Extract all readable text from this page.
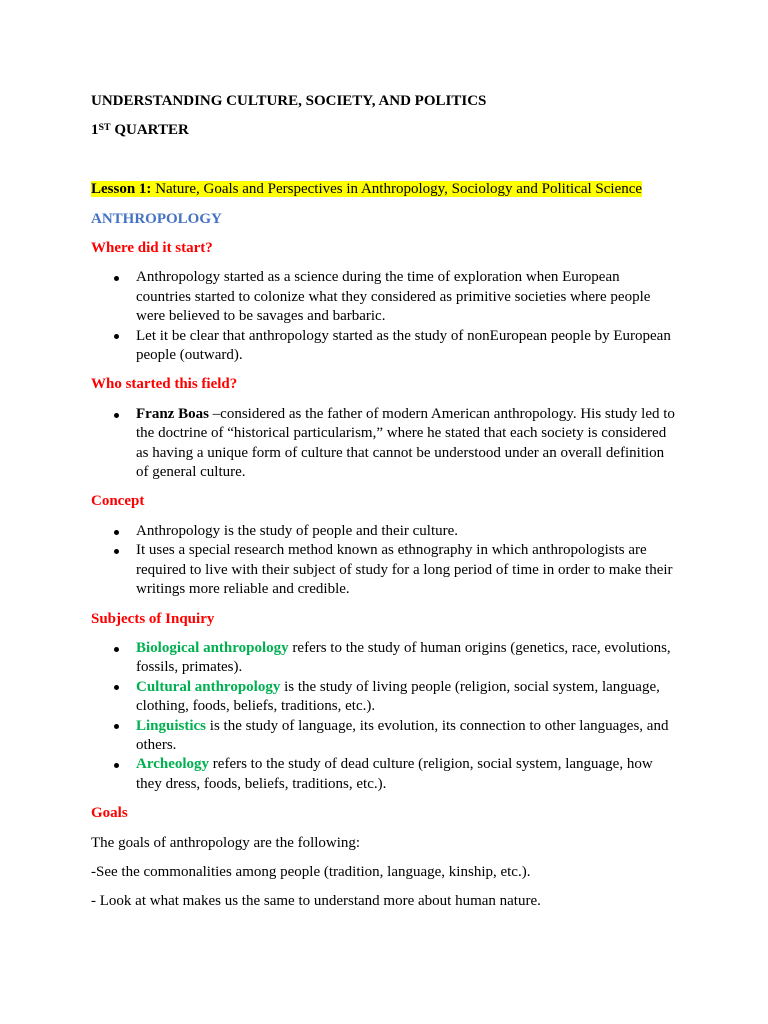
UNDERSTANDING CULTURE, SOCIETY, AND POLITICS

1ST QUARTER

Lesson 1: Nature, Goals and Perspectives in Anthropology, Sociology and Political Science

ANTHROPOLOGY

Where did it start?

Anthropology started as a science during the time of exploration when European
countries started to colonize what they considered as primitive societies where people
were believed to be savages and barbaric.
Let it be clear that anthropology started as the study of nonEuropean people by European
people (outward).

Who started this field?

Franz Boas –considered as the father of modern American anthropology. His study led to
the doctrine of “historical particularism,” where he stated that each society is considered
as having a unique form of culture that cannot be understood under an overall definition
of general culture.

Concept

Anthropology is the study of people and their culture.
It uses a special research method known as ethnography in which anthropologists are
required to live with their subject of study for a long period of time in order to make their
writings more reliable and credible.

Subjects of Inquiry

Biological anthropology refers to the study of human origins (genetics, race, evolutions,
fossils, primates).
Cultural anthropology is the study of living people (religion, social system, language,
clothing, foods, beliefs, traditions, etc.).
Linguistics is the study of language, its evolution, its connection to other languages, and
others.
Archeology refers to the study of dead culture (religion, social system, language, how
they dress, foods, beliefs, traditions, etc.).

Goals

The goals of anthropology are the following:

-See the commonalities among people (tradition, language, kinship, etc.).

- Look at what makes us the same to understand more about human nature.
